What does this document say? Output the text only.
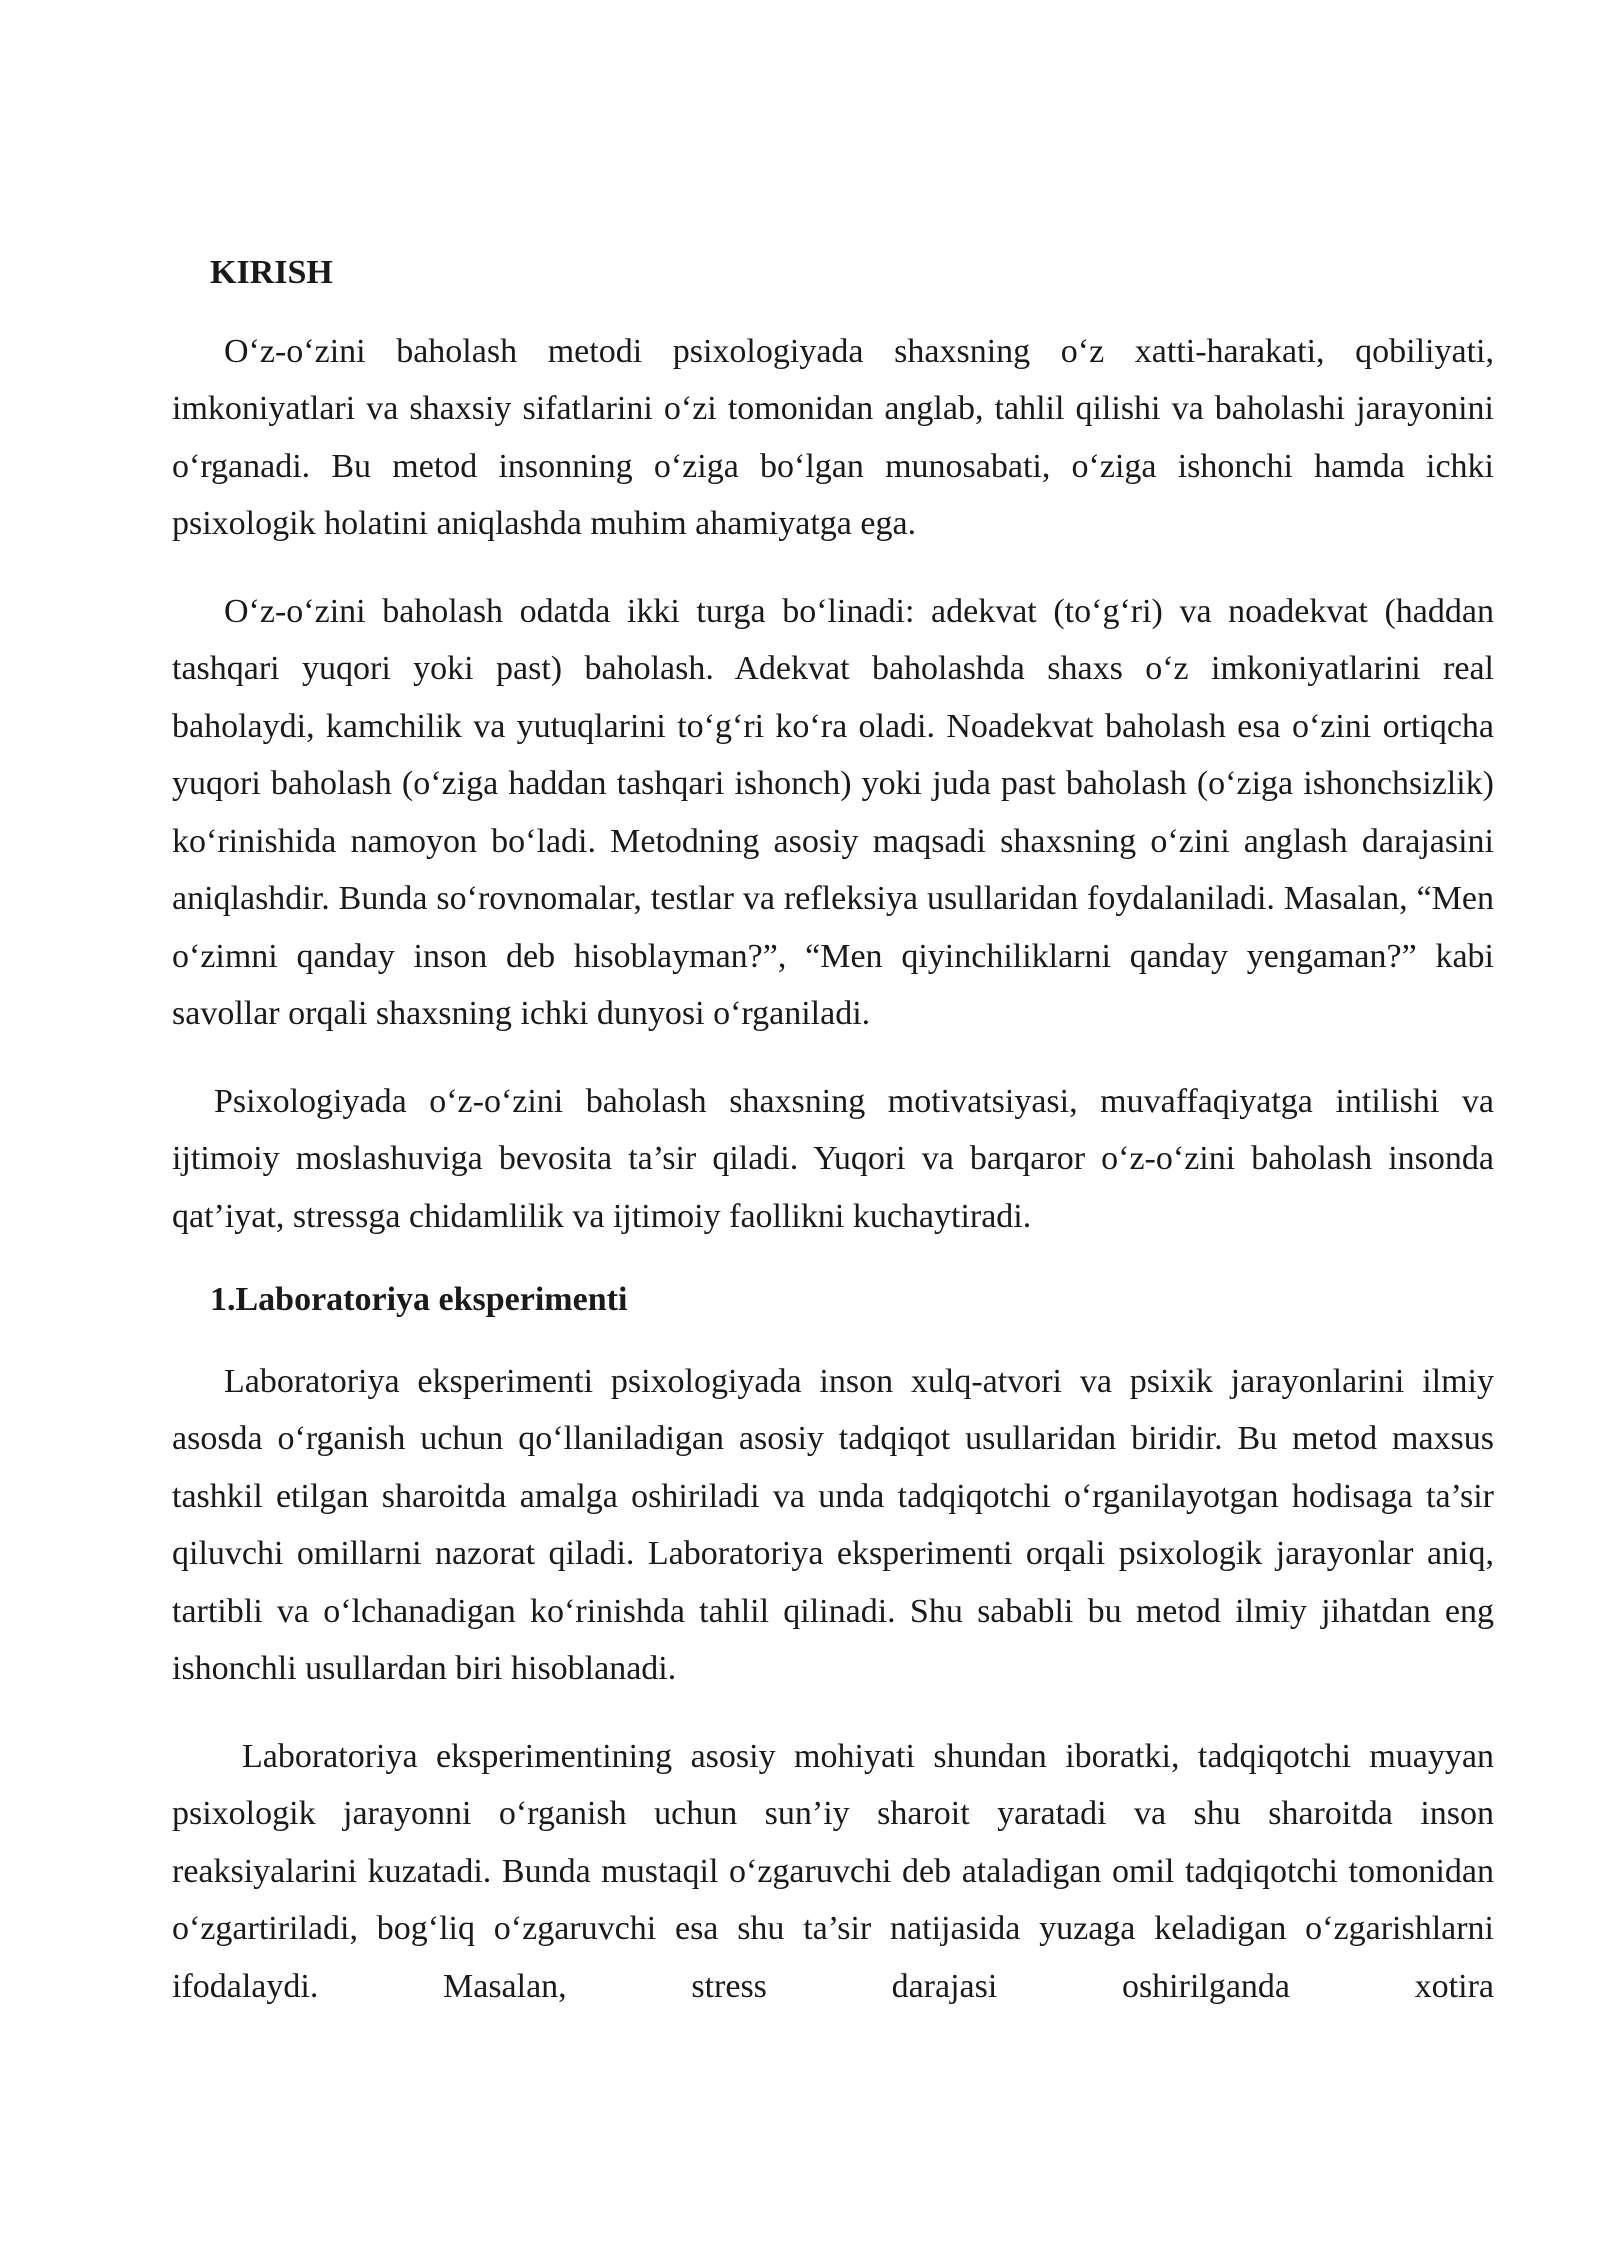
KIRISH

O‘z-o‘zini baholash metodi psixologiyada shaxsning o‘z xatti-harakati, qobiliyati, imkoniyatlari va shaxsiy sifatlarini o‘zi tomonidan anglab, tahlil qilishi va baholashi jarayonini o‘rganadi. Bu metod insonning o‘ziga bo‘lgan munosabati, o‘ziga ishonchi hamda ichki psixologik holatini aniqlashda muhim ahamiyatga ega.

O‘z-o‘zini baholash odatda ikki turga bo‘linadi: adekvat (to‘g‘ri) va noadekvat (haddan tashqari yuqori yoki past) baholash. Adekvat baholashda shaxs o‘z imkoniyatlarini real baholaydi, kamchilik va yutuqlarini to‘g‘ri ko‘ra oladi. Noadekvat baholash esa o‘zini ortiqcha yuqori baholash (o‘ziga haddan tashqari ishonch) yoki juda past baholash (o‘ziga ishonchsizlik) ko‘rinishida namoyon bo‘ladi. Metodning asosiy maqsadi shaxsning o‘zini anglash darajasini aniqlashdir. Bunda so‘rovnomalar, testlar va refleksiya usullaridan foydalaniladi. Masalan, “Men o‘zimni qanday inson deb hisoblayman?”, “Men qiyinchiliklarni qanday yengaman?” kabi savollar orqali shaxsning ichki dunyosi o‘rganiladi.

Psixologiyada o‘z-o‘zini baholash shaxsning motivatsiyasi, muvaffaqiyatga intilishi va ijtimoiy moslashuviga bevosita ta’sir qiladi. Yuqori va barqaror o‘z-o‘zini baholash insonda qat’iyat, stressga chidamlilik va ijtimoiy faollikni kuchaytiradi.

1.Laboratoriya eksperimenti

Laboratoriya eksperimenti psixologiyada inson xulq-atvori va psixik jarayonlarini ilmiy asosda o‘rganish uchun qo‘llaniladigan asosiy tadqiqot usullaridan biridir. Bu metod maxsus tashkil etilgan sharoitda amalga oshiriladi va unda tadqiqotchi o‘rganilayotgan hodisaga ta’sir qiluvchi omillarni nazorat qiladi. Laboratoriya eksperimenti orqali psixologik jarayonlar aniq, tartibli va o‘lchanadigan ko‘rinishda tahlil qilinadi. Shu sababli bu metod ilmiy jihatdan eng ishonchli usullardan biri hisoblanadi.

Laboratoriya eksperimentining asosiy mohiyati shundan iboratki, tadqiqotchi muayyan psixologik jarayonni o‘rganish uchun sun’iy sharoit yaratadi va shu sharoitda inson reaksiyalarini kuzatadi. Bunda mustaqil o‘zgaruvchi deb ataladigan omil tadqiqotchi tomonidan o‘zgartiriladi, bog‘liq o‘zgaruvchi esa shu ta’sir natijasida yuzaga keladigan o‘zgarishlarni ifodalaydi. Masalan, stress darajasi oshirilganda xotira
